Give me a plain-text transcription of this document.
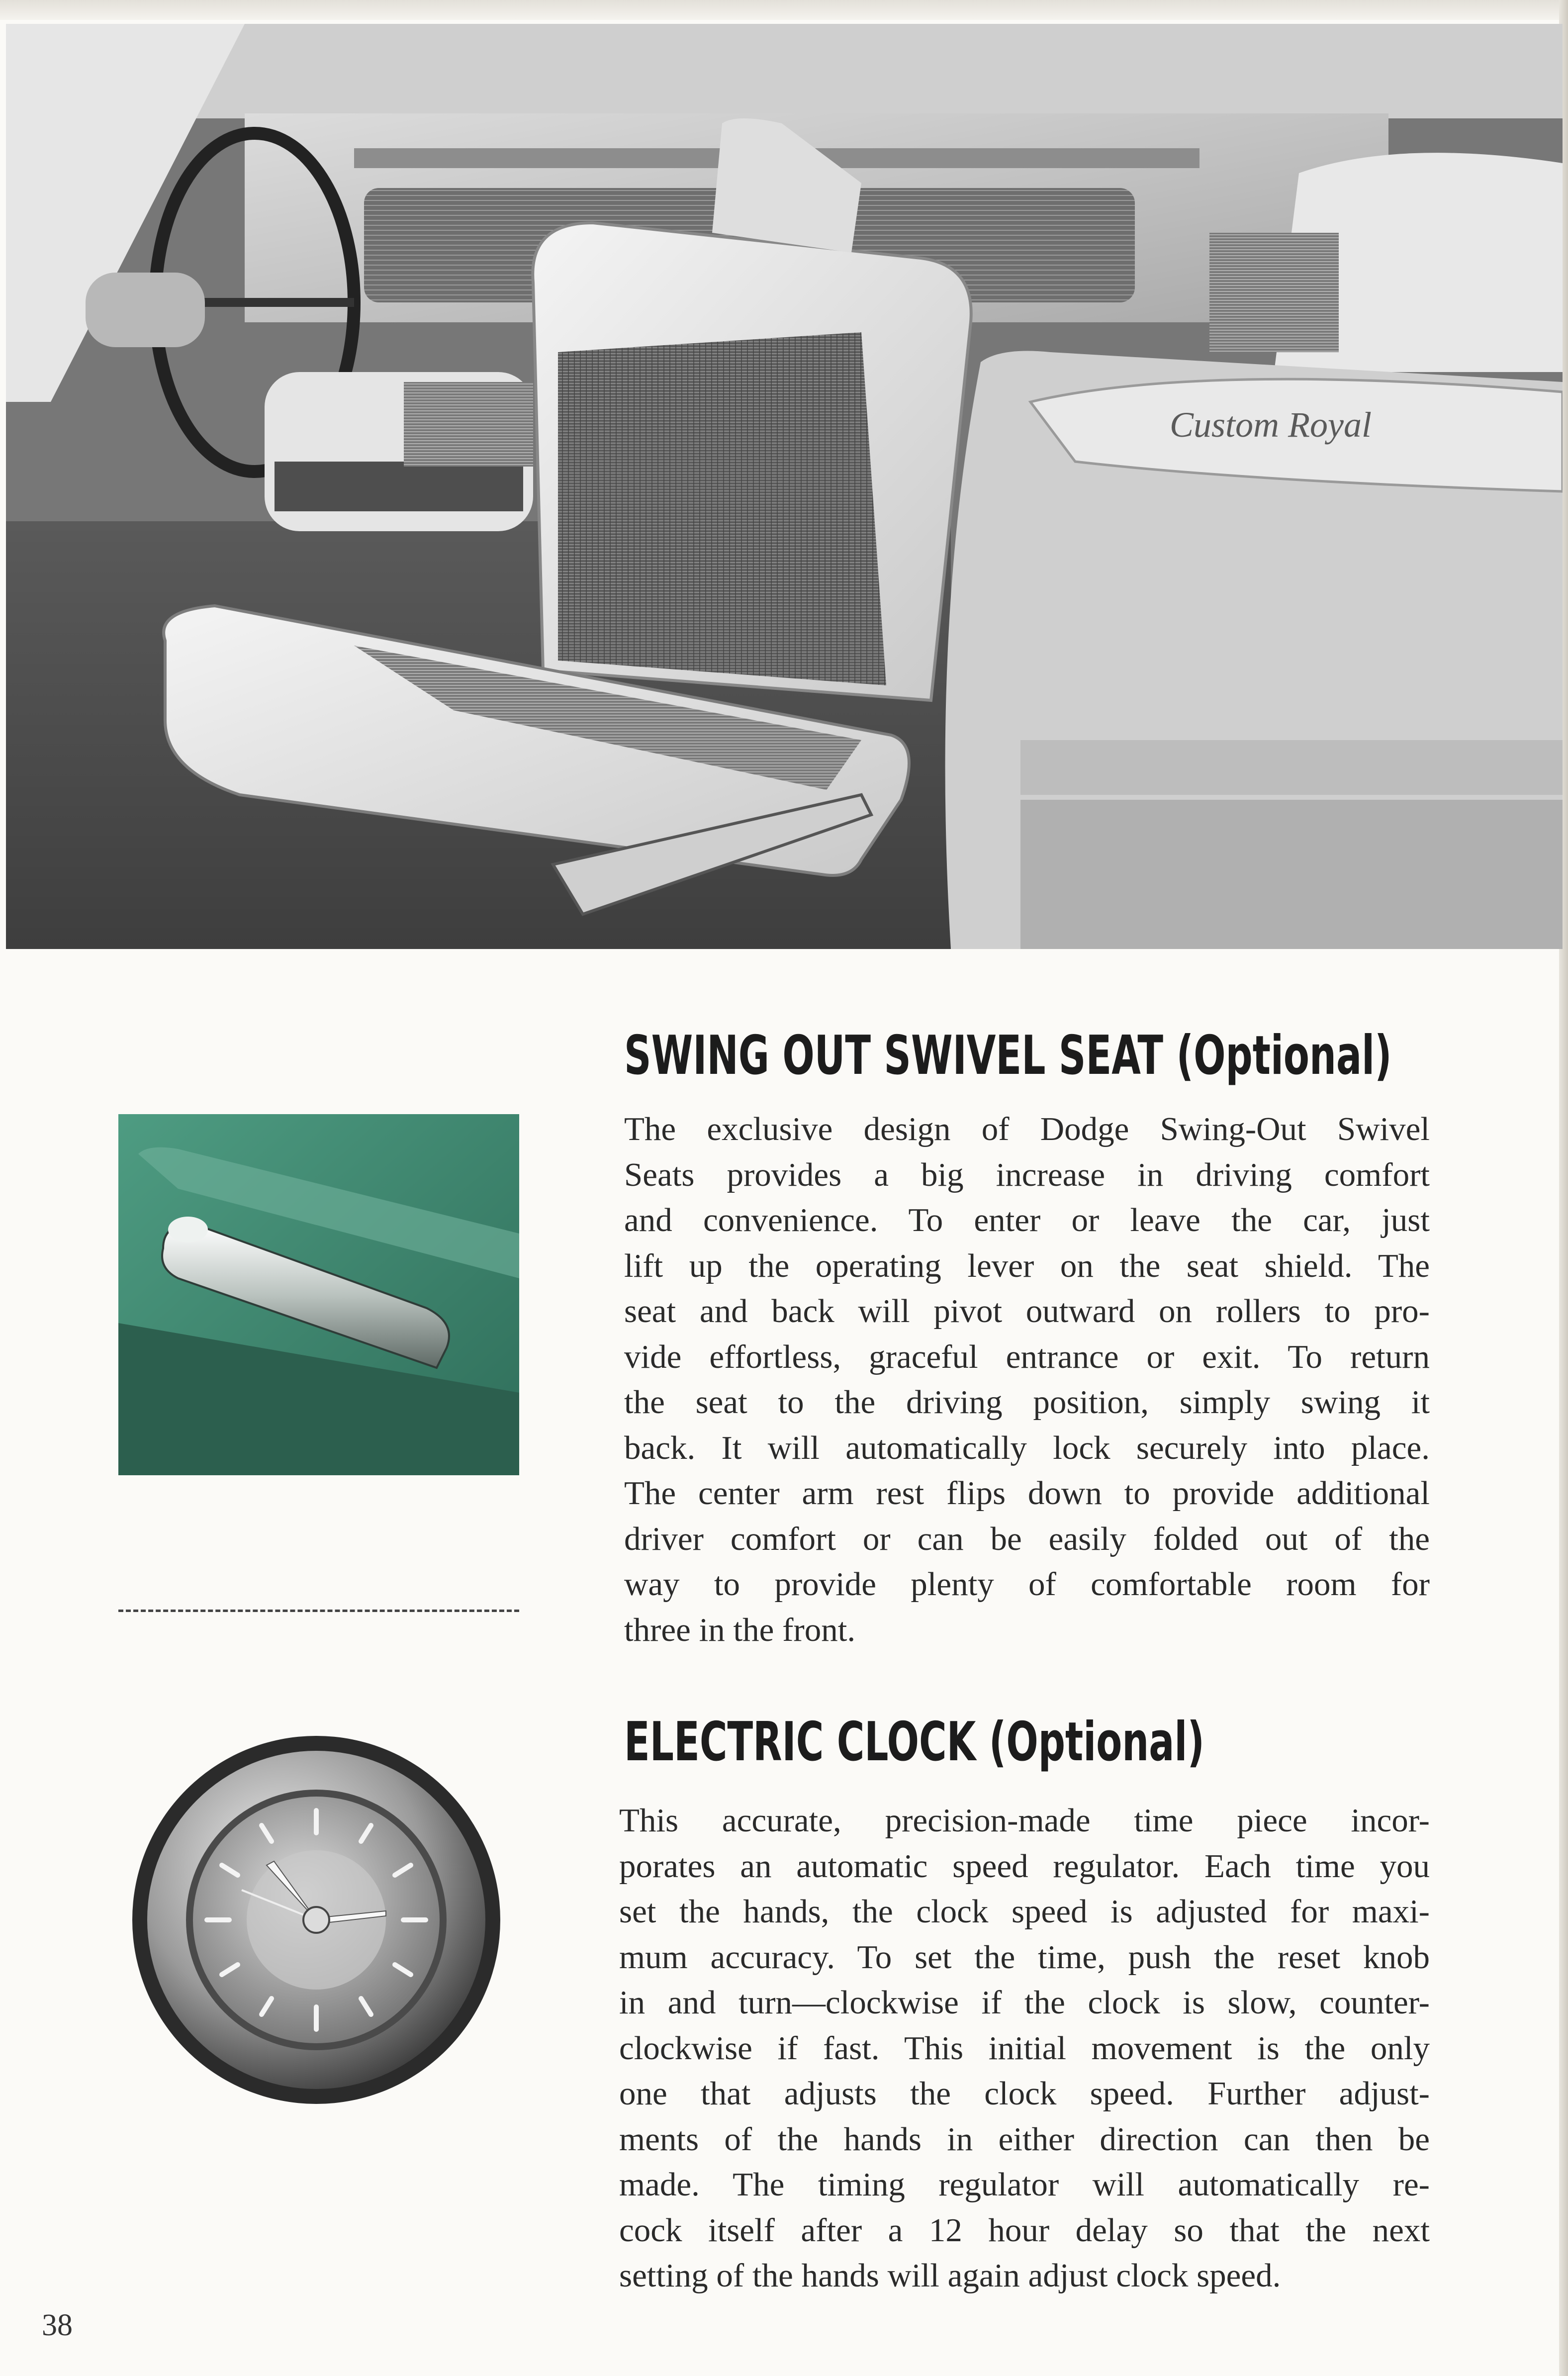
Custom Royal
SWING OUT SWIVEL SEAT (Optional)
The exclusive design of Dodge Swing-Out Swivel
Seats provides a big increase in driving comfort
and convenience. To enter or leave the car, just
lift up the operating lever on the seat shield. The
seat and back will pivot outward on rollers to pro-
vide effortless, graceful entrance or exit. To return
the seat to the driving position, simply swing it
back. It will automatically lock securely into place.
The center arm rest flips down to provide additional
driver comfort or can be easily folded out of the
way to provide plenty of comfortable room for
three in the front.
ELECTRIC CLOCK (Optional)
This accurate, precision-made time piece incor-
porates an automatic speed regulator. Each time you
set the hands, the clock speed is adjusted for maxi-
mum accuracy. To set the time, push the reset knob
in and turn—clockwise if the clock is slow, counter-
clockwise if fast. This initial movement is the only
one that adjusts the clock speed. Further adjust-
ments of the hands in either direction can then be
made. The timing regulator will automatically re-
cock itself after a 12 hour delay so that the next
setting of the hands will again adjust clock speed.
38
